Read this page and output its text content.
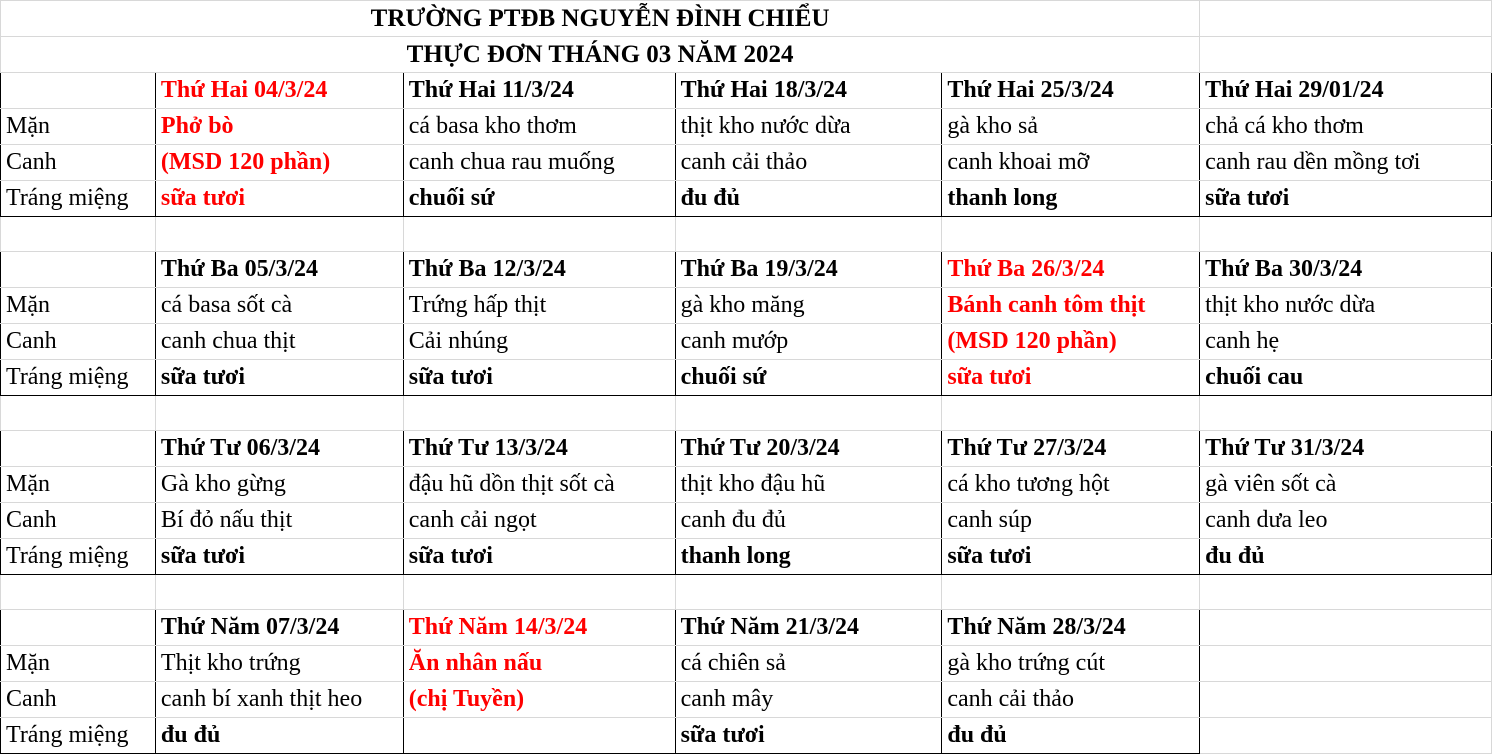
TRƯỜNG PTĐB NGUYỄN ĐÌNH CHIỂU					
THỰC ĐƠN THÁNG 03 NĂM 2024					
	Thứ Hai 04/3/24	Thứ Hai 11/3/24	Thứ Hai 18/3/24	Thứ Hai 25/3/24	Thứ Hai 29/01/24
Mặn	Phở bò	cá basa kho thơm	thịt kho nước dừa	gà kho sả	chả cá kho thơm
Canh	(MSD 120 phần)	canh chua rau muống	canh cải thảo	canh khoai mỡ	canh rau dền mồng tơi
Tráng miệng	sữa tươi	chuối sứ	đu đủ	thanh long	sữa tươi

	Thứ Ba 05/3/24	Thứ Ba 12/3/24	Thứ Ba 19/3/24	Thứ Ba 26/3/24	Thứ Ba 30/3/24
Mặn	cá basa sốt cà	Trứng hấp thịt	gà kho măng	Bánh canh tôm thịt	thịt kho nước dừa
Canh	canh chua thịt	Cải nhúng	canh mướp	(MSD 120 phần)	canh hẹ
Tráng miệng	sữa tươi	sữa tươi	chuối sứ	sữa tươi	chuối cau

	Thứ Tư 06/3/24	Thứ Tư 13/3/24	Thứ Tư 20/3/24	Thứ Tư 27/3/24	Thứ Tư 31/3/24
Mặn	Gà kho gừng	đậu hũ dồn thịt sốt cà	thịt kho đậu hũ	cá kho tương hột	gà viên sốt cà
Canh	Bí đỏ nấu thịt	canh cải ngọt	canh đu đủ	canh súp	canh dưa leo
Tráng miệng	sữa tươi	sữa tươi	thanh long	sữa tươi	đu đủ

	Thứ Năm 07/3/24	Thứ Năm 14/3/24	Thứ Năm 21/3/24	Thứ Năm 28/3/24	
Mặn	Thịt kho trứng	Ăn nhân nấu	cá chiên sả	gà kho trứng cút	
Canh	canh bí xanh thịt heo	(chị Tuyền)	canh mây	canh cải thảo	
Tráng miệng	đu đủ		sữa tươi	đu đủ	
